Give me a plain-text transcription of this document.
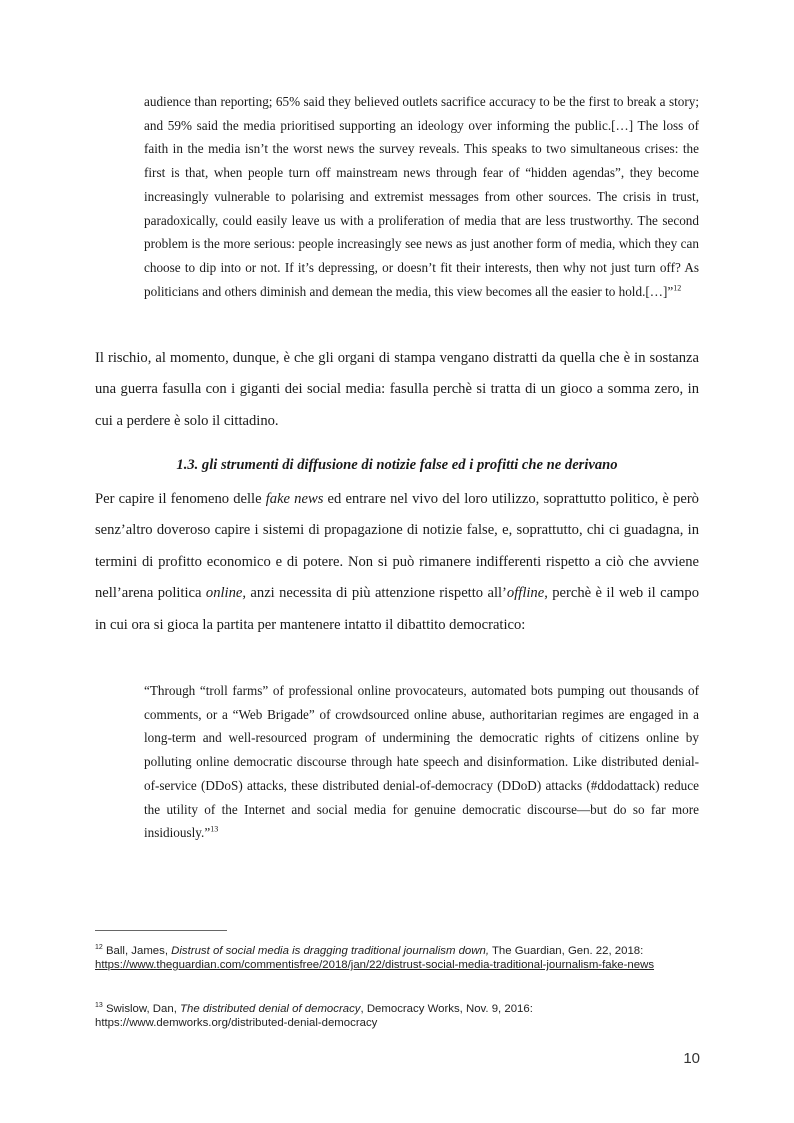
audience than reporting; 65% said they believed outlets sacrifice accuracy to be the first to break a story; and 59% said the media prioritised supporting an ideology over informing the public.[…] The loss of faith in the media isn’t the worst news the survey reveals. This speaks to two simultaneous crises: the first is that, when people turn off mainstream news through fear of “hidden agendas”, they become increasingly vulnerable to polarising and extremist messages from other sources. The crisis in trust, paradoxically, could easily leave us with a proliferation of media that are less trustworthy. The second problem is the more serious: people increasingly see news as just another form of media, which they can choose to dip into or not. If it’s depressing, or doesn’t fit their interests, then why not just turn off? As politicians and others diminish and demean the media, this view becomes all the easier to hold.[…]”$^{12}$
Il rischio, al momento, dunque, è che gli organi di stampa vengano distratti da quella che è in sostanza una guerra fasulla con i giganti dei social media: fasulla perchè si tratta di un gioco a somma zero, in cui a perdere è solo il cittadino.
1.3. gli strumenti di diffusione di notizie false ed i profitti che ne derivano
Per capire il fenomeno delle fake news ed entrare nel vivo del loro utilizzo, soprattutto politico, è però senz’altro doveroso capire i sistemi di propagazione di notizie false, e, soprattutto, chi ci guadagna, in termini di profitto economico e di potere. Non si può rimanere indifferenti rispetto a ciò che avviene nell’arena politica online, anzi necessita di più attenzione rispetto all’offline, perchè è il web il campo in cui ora si gioca la partita per mantenere intatto il dibattito democratico:
“Through “troll farms” of professional online provocateurs, automated bots pumping out thousands of comments, or a “Web Brigade” of crowdsourced online abuse, authoritarian regimes are engaged in a long-term and well-resourced program of undermining the democratic rights of citizens online by polluting online democratic discourse through hate speech and disinformation. Like distributed denial-of-service (DDoS) attacks, these distributed denial-of-democracy (DDoD) attacks (#ddodattack) reduce the utility of the Internet and social media for genuine democratic discourse—but do so far more insidiously.”$^{13}$
$^{12}$ Ball, James, Distrust of social media is dragging traditional journalism down, The Guardian, Gen. 22, 2018: https://www.theguardian.com/commentisfree/2018/jan/22/distrust-social-media-traditional-journalism-fake-news
$^{13}$ Swislow, Dan, The distributed denial of democracy, Democracy Works, Nov. 9, 2016: https://www.demworks.org/distributed-denial-democracy
10
